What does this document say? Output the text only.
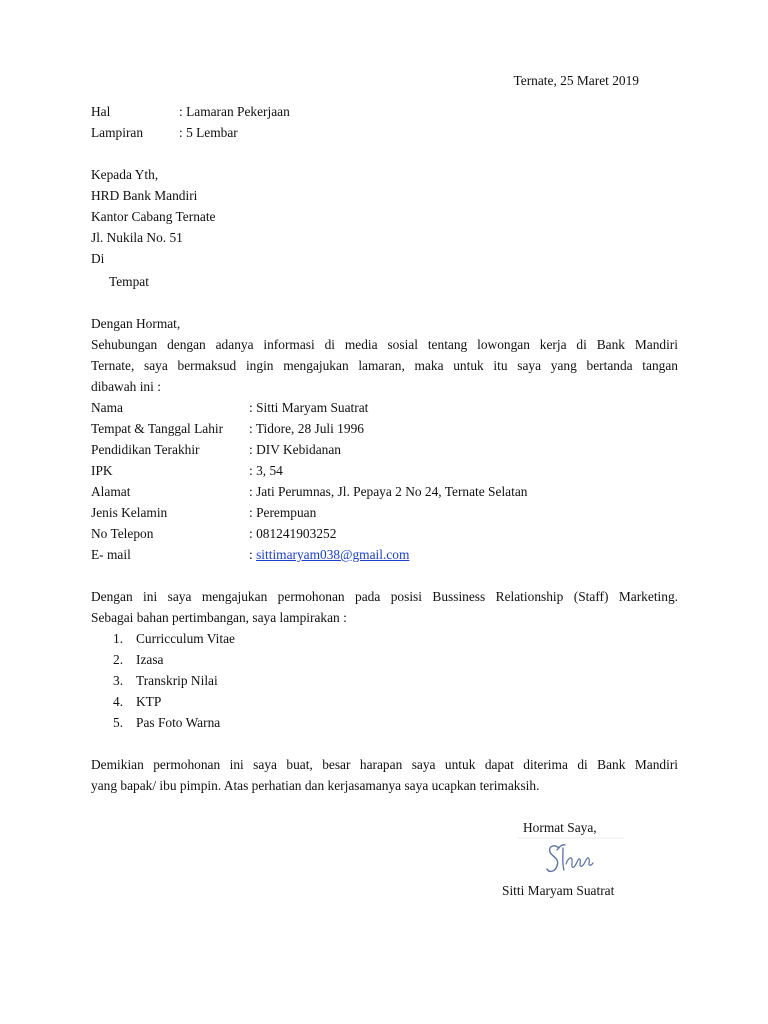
Ternate, 25 Maret 2019
Hal	: Lamaran Pekerjaan
Lampiran	: 5 Lembar
Kepada Yth,
HRD Bank Mandiri
Kantor Cabang Ternate
Jl. Nukila No. 51
Di
Tempat
Dengan Hormat,
Sehubungan dengan adanya informasi di media sosial tentang lowongan kerja di Bank Mandiri
Ternate, saya bermaksud ingin mengajukan lamaran, maka untuk itu saya yang bertanda tangan
dibawah ini :
Nama	: Sitti Maryam Suatrat
Tempat & Tanggal Lahir : Tidore, 28 Juli 1996
Pendidikan Terakhir	: DIV Kebidanan
IPK	: 3, 54
Alamat	: Jati Perumnas, Jl. Pepaya 2 No 24, Ternate Selatan
Jenis Kelamin	: Perempuan
No Telepon	: 081241903252
E- mail	: sittimaryam038@gmail.com
Dengan ini saya mengajukan permohonan pada posisi Bussiness Relationship (Staff) Marketing.
Sebagai bahan pertimbangan, saya lampirakan :
1. Curricculum Vitae
2. Izasa
3. Transkrip Nilai
4. KTP
5. Pas Foto Warna
Demikian permohonan ini saya buat, besar harapan saya untuk dapat diterima di Bank Mandiri
yang bapak/ ibu pimpin. Atas perhatian dan kerjasamanya saya ucapkan terimaksih.
Hormat Saya,
Sitti Maryam Suatrat
